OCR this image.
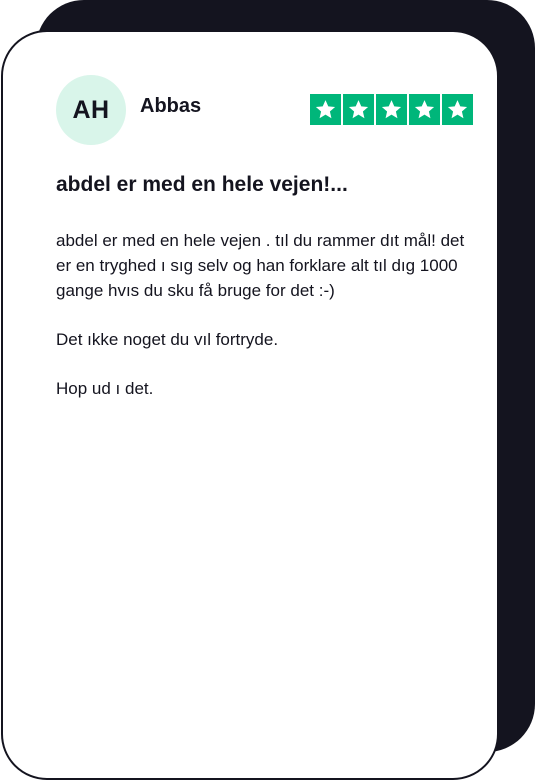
AH Abbas
abdel er med en hele vejen!...

abdel er med en hele vejen . tıl du rammer dıt mål! det er en tryghed ı sıg selv og han forklare alt tıl dıg 1000 gange hvıs du sku få bruge for det :-)

Det ıkke noget du vıl fortryde.

Hop ud ı det.
